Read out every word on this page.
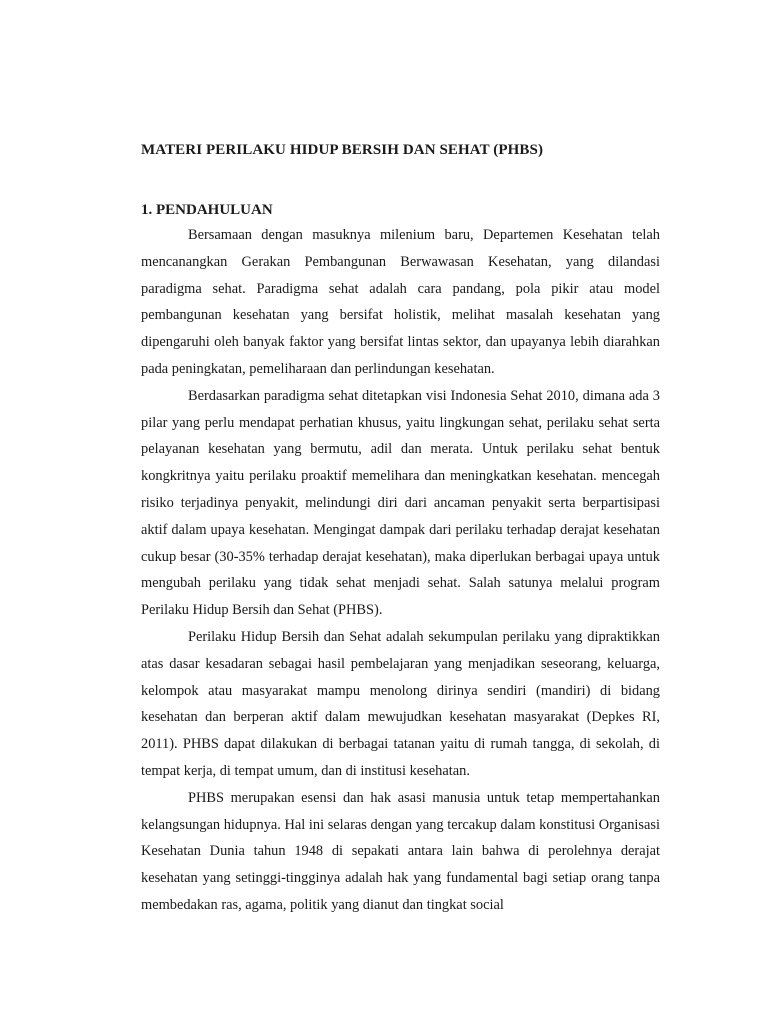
MATERI PERILAKU HIDUP BERSIH DAN SEHAT (PHBS)
1. PENDAHULUAN

Bersamaan dengan masuknya milenium baru, Departemen Kesehatan telah mencanangkan Gerakan Pembangunan Berwawasan Kesehatan, yang dilandasi paradigma sehat. Paradigma sehat adalah cara pandang, pola pikir atau model pembangunan kesehatan yang bersifat holistik, melihat masalah kesehatan yang dipengaruhi oleh banyak faktor yang bersifat lintas sektor, dan upayanya lebih diarahkan pada peningkatan, pemeliharaan dan perlindungan kesehatan.

Berdasarkan paradigma sehat ditetapkan visi Indonesia Sehat 2010, dimana ada 3 pilar yang perlu mendapat perhatian khusus, yaitu lingkungan sehat, perilaku sehat serta pelayanan kesehatan yang bermutu, adil dan merata. Untuk perilaku sehat bentuk kongkritnya yaitu perilaku proaktif memelihara dan meningkatkan kesehatan. mencegah risiko terjadinya penyakit, melindungi diri dari ancaman penyakit serta berpartisipasi aktif dalam upaya kesehatan. Mengingat dampak dari perilaku terhadap derajat kesehatan cukup besar (30-35% terhadap derajat kesehatan), maka diperlukan berbagai upaya untuk mengubah perilaku yang tidak sehat menjadi sehat. Salah satunya melalui program Perilaku Hidup Bersih dan Sehat (PHBS).

Perilaku Hidup Bersih dan Sehat adalah sekumpulan perilaku yang dipraktikkan atas dasar kesadaran sebagai hasil pembelajaran yang menjadikan seseorang, keluarga, kelompok atau masyarakat mampu menolong dirinya sendiri (mandiri) di bidang kesehatan dan berperan aktif dalam mewujudkan kesehatan masyarakat (Depkes RI, 2011). PHBS dapat dilakukan di berbagai tatanan yaitu di rumah tangga, di sekolah, di tempat kerja, di tempat umum, dan di institusi kesehatan.

PHBS merupakan esensi dan hak asasi manusia untuk tetap mempertahankan kelangsungan hidupnya. Hal ini selaras dengan yang tercakup dalam konstitusi Organisasi Kesehatan Dunia tahun 1948 di sepakati antara lain bahwa di perolehnya derajat kesehatan yang setinggi-tingginya adalah hak yang fundamental bagi setiap orang tanpa membedakan ras, agama, politik yang dianut dan tingkat social
